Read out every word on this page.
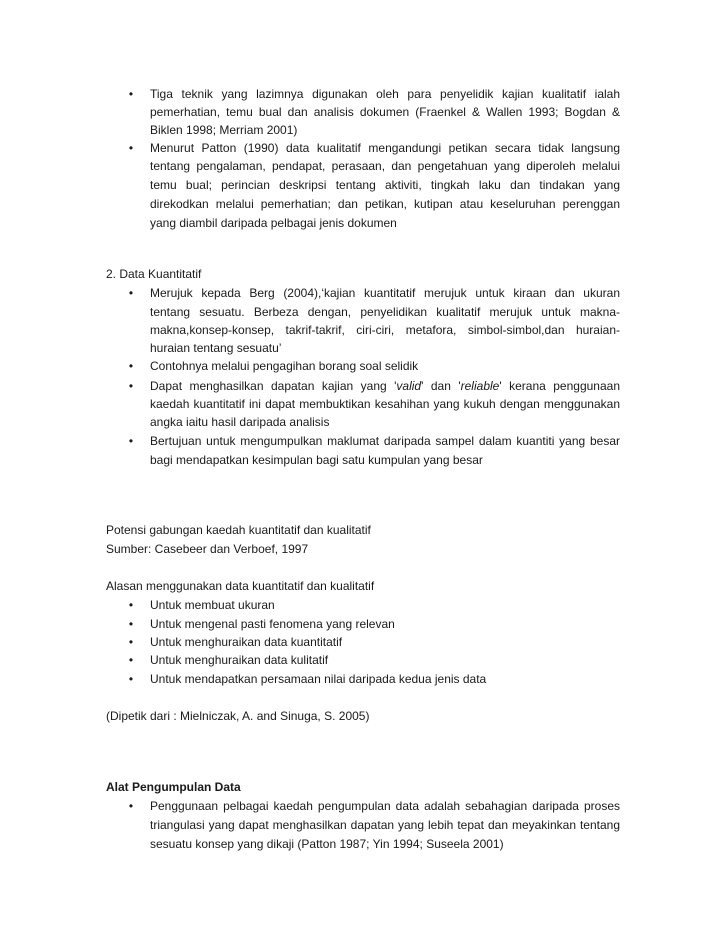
•	Tiga teknik yang lazimnya digunakan oleh para penyelidik kajian kualitatif ialah
pemerhatian, temu bual dan analisis dokumen (Fraenkel & Wallen 1993; Bogdan &
Biklen 1998; Merriam 2001)
•	Menurut Patton (1990) data kualitatif mengandungi petikan secara tidak langsung
tentang pengalaman, pendapat, perasaan, dan pengetahuan yang diperoleh melalui
temu bual; perincian deskripsi tentang aktiviti, tingkah laku dan tindakan yang
direkodkan melalui pemerhatian; dan petikan, kutipan atau keseluruhan perenggan
yang diambil daripada pelbagai jenis dokumen
2. Data Kuantitatif
•	Merujuk kepada Berg (2004),‘kajian kuantitatif merujuk untuk kiraan dan ukuran
tentang sesuatu. Berbeza dengan, penyelidikan kualitatif merujuk untuk makna-
makna,konsep-konsep, takrif-takrif, ciri-ciri, metafora, simbol-simbol,dan huraian-
huraian tentang sesuatu’
•	Contohnya melalui pengagihan borang soal selidik
•	Dapat menghasilkan dapatan kajian yang 'valid' dan 'reliable' kerana penggunaan
kaedah kuantitatif ini dapat membuktikan kesahihan yang kukuh dengan menggunakan
angka iaitu hasil daripada analisis
•	Bertujuan untuk mengumpulkan maklumat daripada sampel dalam kuantiti yang besar
bagi mendapatkan kesimpulan bagi satu kumpulan yang besar
Potensi gabungan kaedah kuantitatif dan kualitatif
Sumber: Casebeer dan Verboef, 1997
Alasan menggunakan data kuantitatif dan kualitatif
•	Untuk membuat ukuran
•	Untuk mengenal pasti fenomena yang relevan
•	Untuk menghuraikan data kuantitatif
•	Untuk menghuraikan data kulitatif
•	Untuk mendapatkan persamaan nilai daripada kedua jenis data
(Dipetik dari : Mielniczak, A. and Sinuga, S. 2005)
Alat Pengumpulan Data
•	Penggunaan pelbagai kaedah pengumpulan data adalah sebahagian daripada proses
triangulasi yang dapat menghasilkan dapatan yang lebih tepat dan meyakinkan tentang
sesuatu konsep yang dikaji (Patton 1987; Yin 1994; Suseela 2001)
